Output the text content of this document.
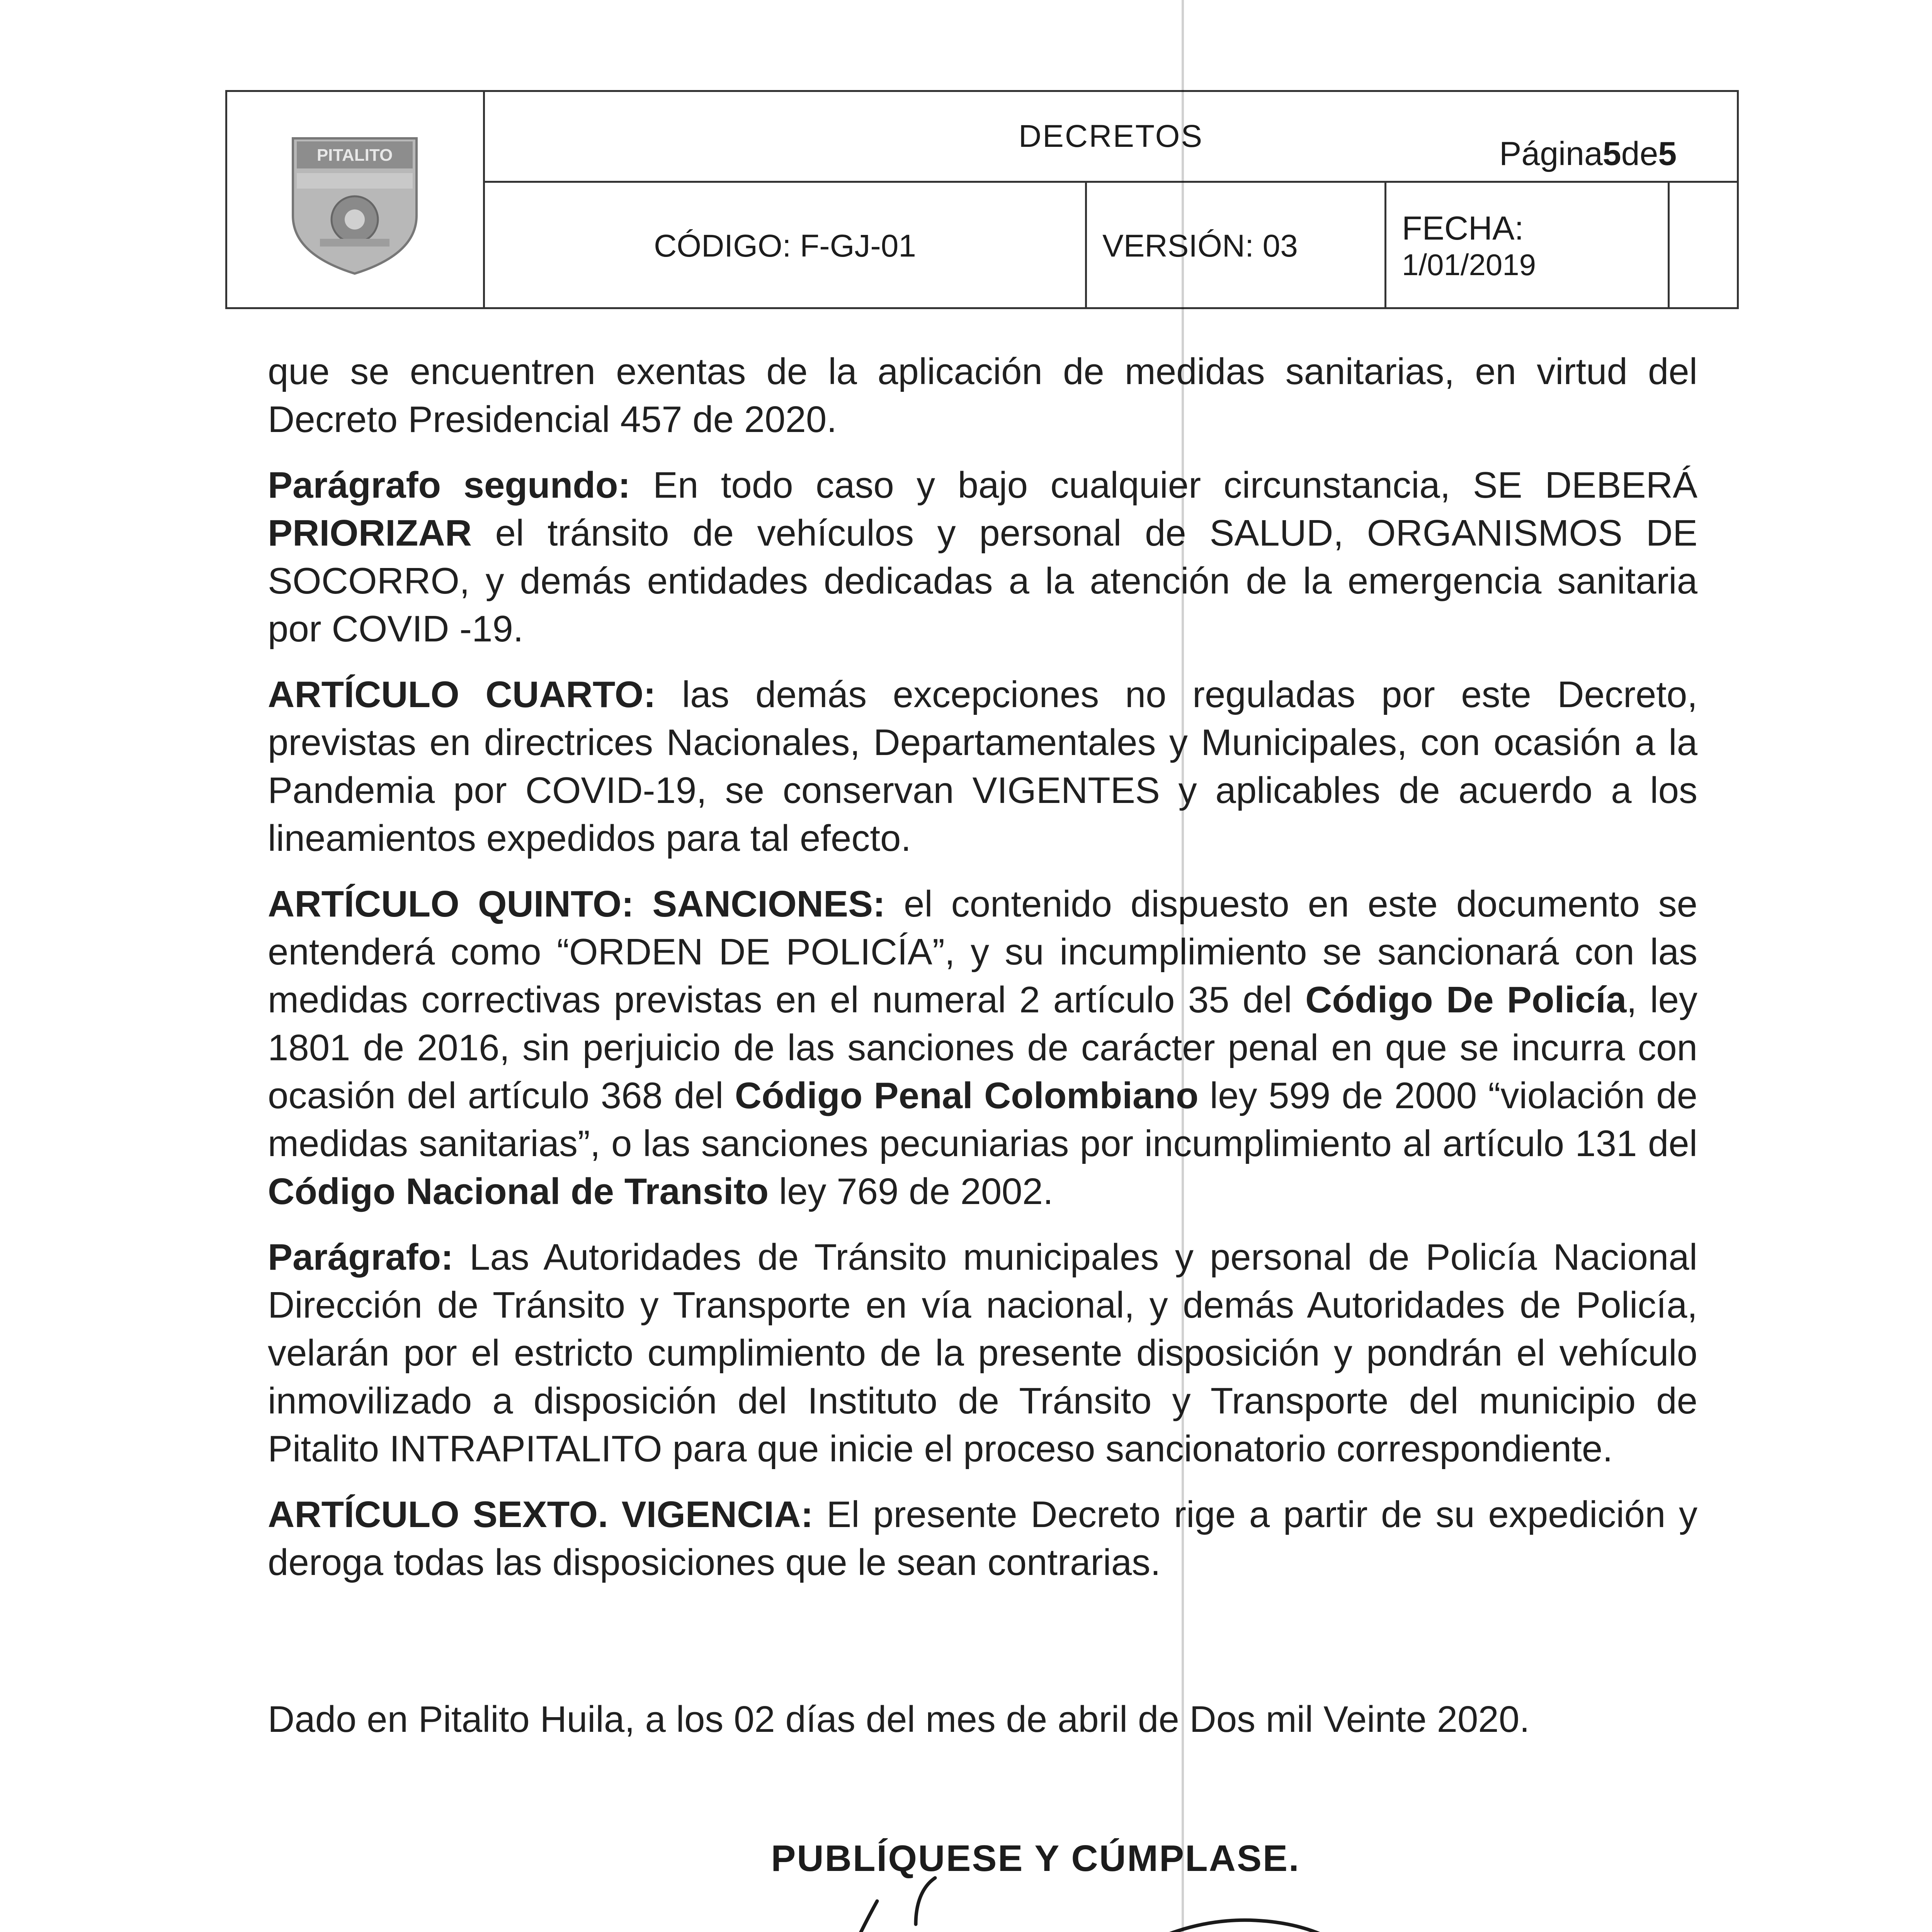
PITALITO
DECRETOS
CÓDIGO: F-GJ-01	VERSIÓN: 03	FECHA:
1/01/2019
Página 5 de 5

que se encuentren exentas de la aplicación de medidas sanitarias, en virtud del Decreto Presidencial 457 de 2020.

Parágrafo segundo: En todo caso y bajo cualquier circunstancia, SE DEBERÁ PRIORIZAR el tránsito de vehículos y personal de SALUD, ORGANISMOS DE SOCORRO, y demás entidades dedicadas a la atención de la emergencia sanitaria por COVID -19.

ARTÍCULO CUARTO: las demás excepciones no reguladas por este Decreto, previstas en directrices Nacionales, Departamentales y Municipales, con ocasión a la Pandemia por COVID-19, se conservan VIGENTES y aplicables de acuerdo a los lineamientos expedidos para tal efecto.

ARTÍCULO QUINTO: SANCIONES: el contenido dispuesto en este documento se entenderá como “ORDEN DE POLICÍA”, y su incumplimiento se sancionará con las medidas correctivas previstas en el numeral 2 artículo 35 del Código De Policía, ley 1801 de 2016, sin perjuicio de las sanciones de carácter penal en que se incurra con ocasión del artículo 368 del Código Penal Colombiano ley 599 de 2000 “violación de medidas sanitarias”, o las sanciones pecuniarias por incumplimiento al artículo 131 del Código Nacional de Transito ley 769 de 2002.

Parágrafo: Las Autoridades de Tránsito municipales y personal de Policía Nacional Dirección de Tránsito y Transporte en vía nacional, y demás Autoridades de Policía, velarán por el estricto cumplimiento de la presente disposición y pondrán el vehículo inmovilizado a disposición del Instituto de Tránsito y Transporte del municipio de Pitalito INTRAPITALITO para que inicie el proceso sancionatorio correspondiente.

ARTÍCULO SEXTO. VIGENCIA: El presente Decreto rige a partir de su expedición y deroga todas las disposiciones que le sean contrarias.

Dado en Pitalito Huila, a los 02 días del mes de abril de Dos mil Veinte 2020.
PUBLÍQUESE Y CÚMPLASE.
